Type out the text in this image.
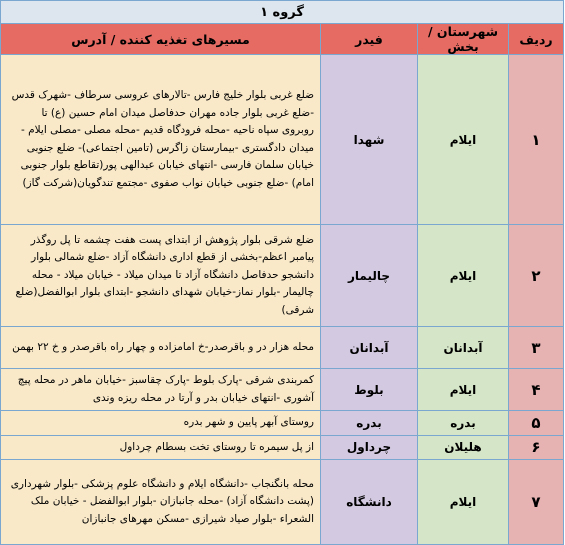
گروه ۱			
ردیف	شهرستان / بخش	فیدر	مسیرهای تغذیه کننده / آدرس
۱	ایلام	شهدا	ضلع غربی بلوار خلیج فارس -تالارهای عروسی سرطاف -شهرک قدس -ضلع غربی بلوار جاده مهران حدفاصل میدان امام حسین (ع) تا روبروی سپاه ناحیه -محله فرودگاه قدیم -محله مصلی -مصلی ایلام - میدان دادگستری -بیمارستان زاگرس (تامین اجتماعی)- ضلع جنوبی خیابان سلمان فارسی -انتهای خیابان عبدالهی پور(تقاطع بلوار جنوبی امام) -ضلع جنوبی خیابان نواب صفوی -مجتمع تندگویان(شرکت گاز)
۲	ایلام	چالیمار	ضلع شرقی بلوار پژوهش از ابتدای پست هفت چشمه تا پل روگذر پیامبر اعظم-بخشی از قطع اداری دانشگاه آزاد -ضلع شمالی بلوار دانشجو حدفاصل دانشگاه آزاد تا میدان میلاد - خیابان میلاد - محله چالیمار -بلوار نماز-خیابان شهدای دانشجو -ابتدای بلوار ابوالفضل(ضلع شرقی)
۳	آبدانان	آبدانان	محله هزار در و باقرصدر-خ امامزاده و چهار راه باقرصدر و خ ۲۲ بهمن
۴	ایلام	بلوط	کمربندی شرقی -پارک بلوط -پارک چقاسبز -خیابان ماهر در محله پیچ آشوری -انتهای خیابان بدر و آرتا در محله ریزه وندی
۵	بدره	بدره	روستای آبهر پایین و شهر بدره
۶	هلیلان	چرداول	از پل سیمره تا روستای تخت بسطام چرداول
۷	ایلام	دانشگاه	محله بانگنجاب -دانشگاه ایلام و دانشگاه علوم پزشکی -بلوار شهرداری (پشت دانشگاه آزاد) -محله جانبازان -بلوار ابوالفضل - خیابان ملک الشعراء -بلوار صیاد شیرازی -مسکن مهرهای جانبازان
